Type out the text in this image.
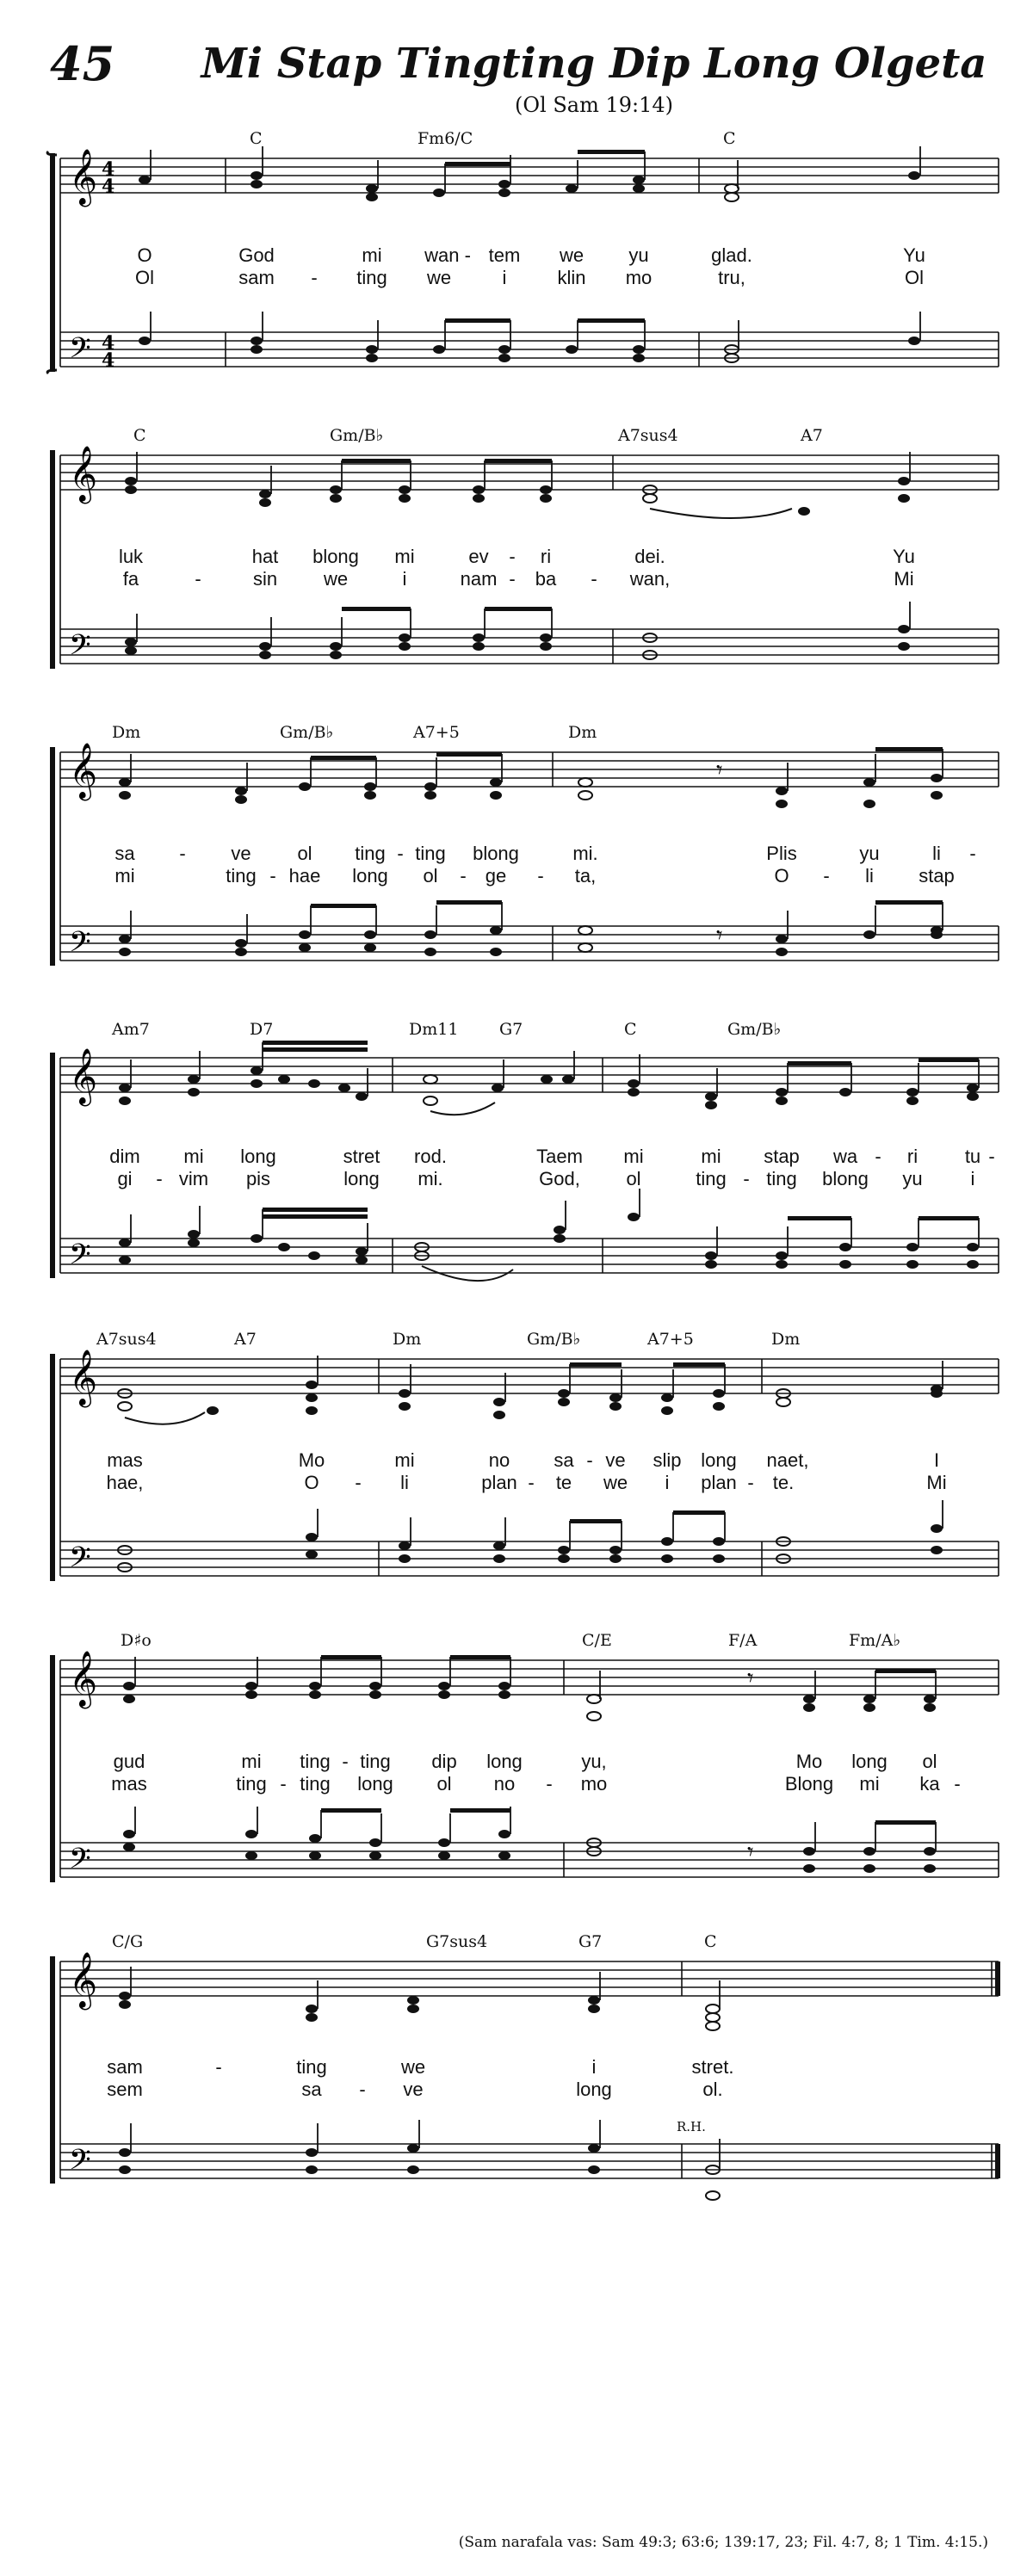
45	Mi Stap Tingting Dip Long Olgeta
(Ol Sam 19:14)
𝄞
𝄢
4
4
4
4
C	Fm6/C	C
O	God	mi wan - tem we yu	glad.	Yu
Ol	sam - ting we	i	klin mo	tru,	Ol
𝄞
𝄢
C	Gm/B♭	A7sus4	A7
luk	hat blong mi	ev - ri	dei.	Yu
fa	-	sin we	i	nam - ba - wan,	Mi
𝄞
𝄢
𝄾
𝄾
Dm	Gm/B♭	A7+5	Dm
sa - ve ol ting - ting blong	mi.	Plis	yu	li -
mi	ting - hae long ol - ge - ta,	O - li stap
𝄞
𝄢
Am7	D7	Dm11	G7	C	Gm/B♭
dim mi long	stret rod.	Taem mi	mi stap wa - ri tu -
gi - vim pis	long mi.	God, ol	ting - ting blong yu	i
𝄞
𝄢
A7sus4	A7	Dm	Gm/B♭	A7+5	Dm
mas	Mo	mi	no sa - ve slip long naet,	I
hae,	O - li	plan - te we i plan - te.	Mi
𝄞
𝄢
𝄾
𝄾
D♯o	C/E	F/A	Fm/A♭
gud	mi ting - ting dip long	yu,	Mo long ol
mas	ting - ting long ol no - mo	Blong mi ka -
𝄞
𝄢
C/G	G7sus4	G7	C
R.H.
sam	-	ting	we	i	stret.
sem	sa - ve	long	ol.
(Sam narafala vas: Sam 49:3; 63:6; 139:17, 23; Fil. 4:7, 8; 1 Tim. 4:15.)
